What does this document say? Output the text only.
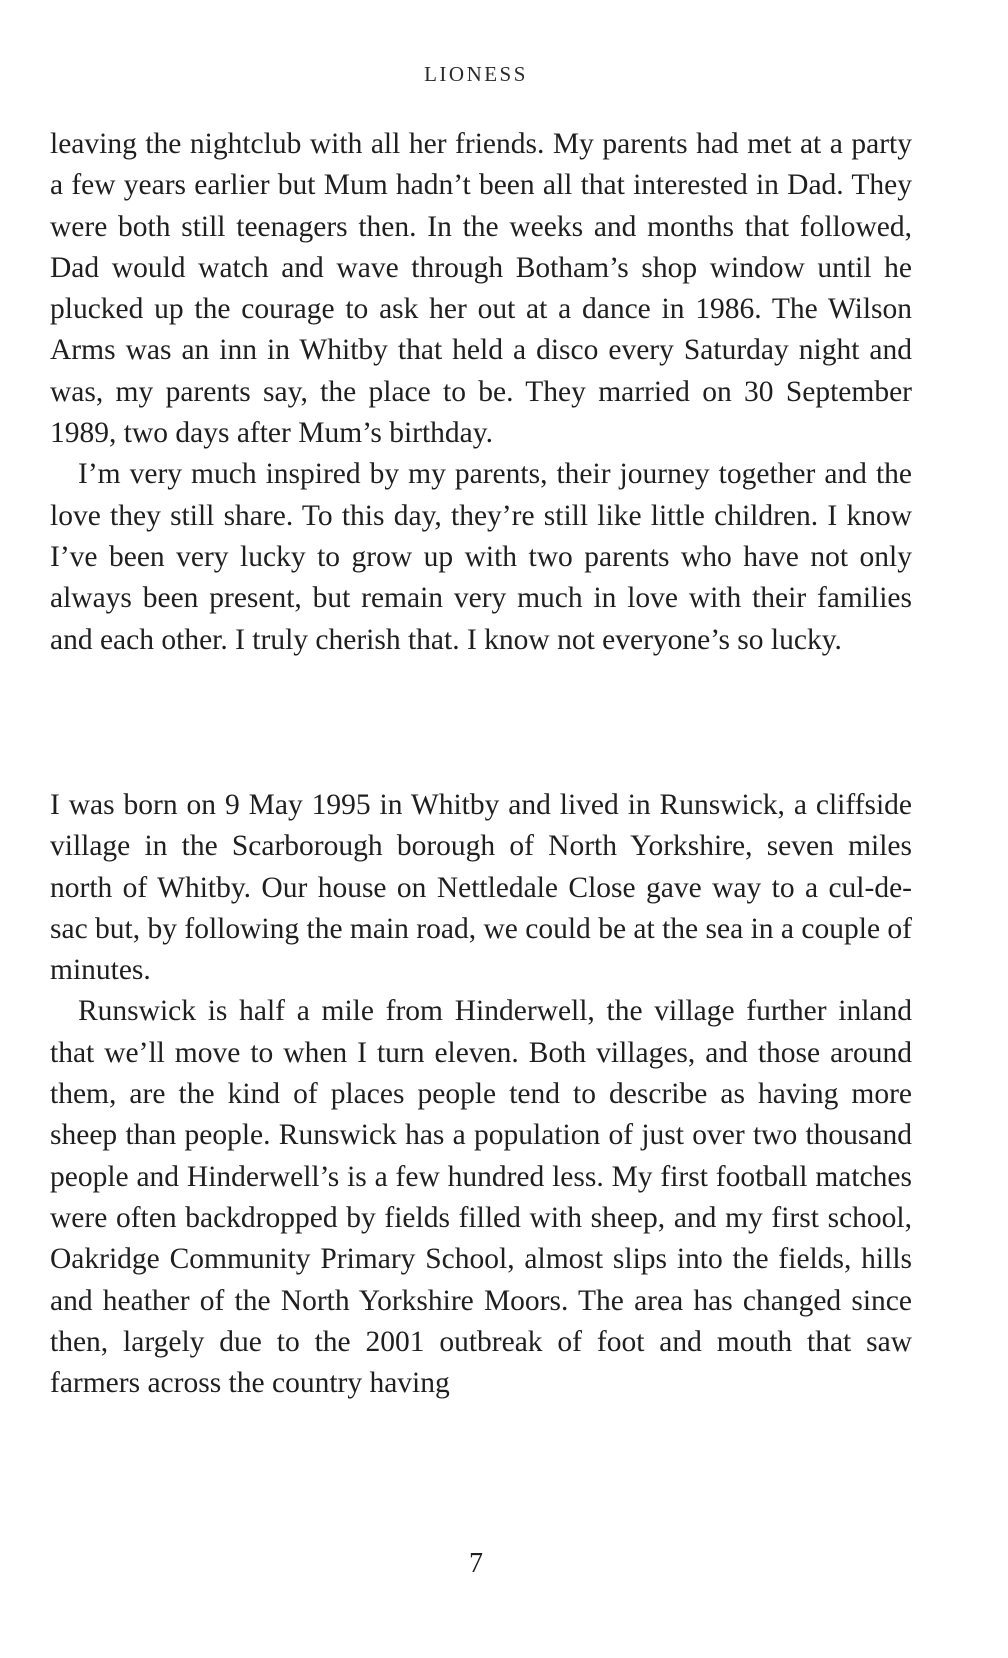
LIONESS

leaving the nightclub with all her friends. My parents had met at a party a few years earlier but Mum hadn’t been all that interested in Dad. They were both still teenagers then. In the weeks and months that followed, Dad would watch and wave through Botham’s shop window until he plucked up the courage to ask her out at a dance in 1986. The Wilson Arms was an inn in Whitby that held a disco every Saturday night and was, my parents say, the place to be. They married on 30 September 1989, two days after Mum’s birthday.

I’m very much inspired by my parents, their journey together and the love they still share. To this day, they’re still like little children. I know I’ve been very lucky to grow up with two parents who have not only always been present, but remain very much in love with their families and each other. I truly cherish that. I know not everyone’s so lucky.

I was born on 9 May 1995 in Whitby and lived in Runswick, a cliffside village in the Scarborough borough of North Yorkshire, seven miles north of Whitby. Our house on Nettledale Close gave way to a cul-de-sac but, by following the main road, we could be at the sea in a couple of minutes.

Runswick is half a mile from Hinderwell, the village further inland that we’ll move to when I turn eleven. Both villages, and those around them, are the kind of places people tend to describe as having more sheep than people. Runswick has a population of just over two thousand people and Hinderwell’s is a few hundred less. My first football matches were often backdropped by fields filled with sheep, and my first school, Oakridge Community Primary School, almost slips into the fields, hills and heather of the North Yorkshire Moors. The area has changed since then, largely due to the 2001 outbreak of foot and mouth that saw farmers across the country having

7
